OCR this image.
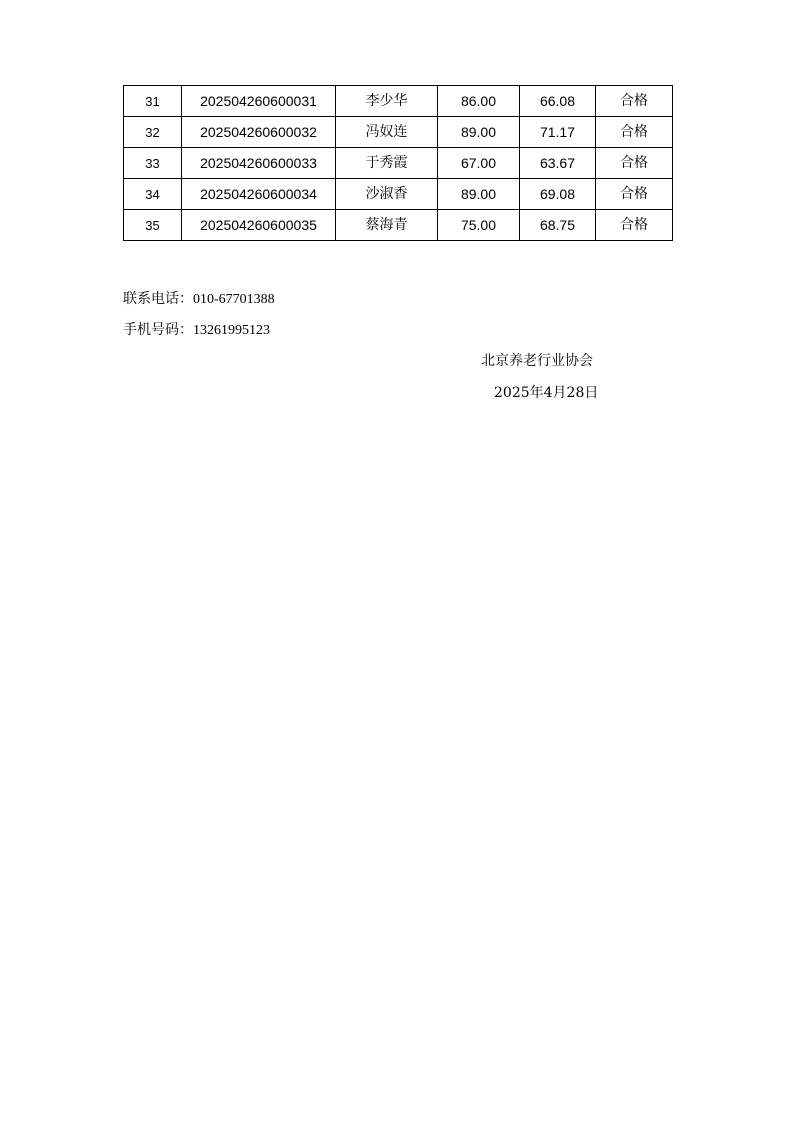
31	202504260600031	李少华	86.00	66.08	合格
32	202504260600032	冯奴连	89.00	71.17	合格
33	202504260600033	于秀霞	67.00	63.67	合格
34	202504260600034	沙淑香	89.00	69.08	合格
35	202504260600035	蔡海青	75.00	68.75	合格
联系电话：010-67701388
手机号码：13261995123
北京养老行业协会
2025年4月28日
